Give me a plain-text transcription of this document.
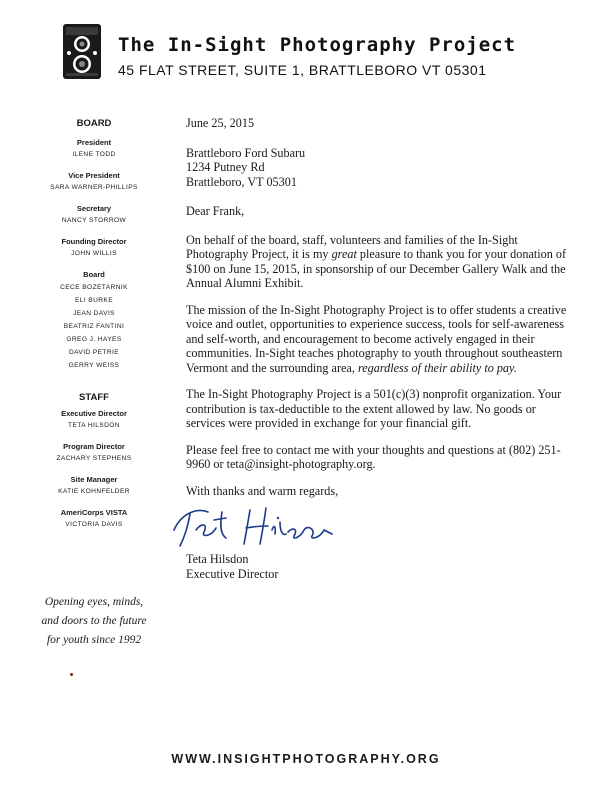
The In-Sight Photography Project
45 FLAT STREET, SUITE 1, BRATTLEBORO VT 05301
BOARD
President
ILENE TODD
Vice President
SARA WARNER-PHILLIPS
Secretary
NANCY STORROW
Founding Director
JOHN WILLIS
Board
CECE BOZETARNIK
ELI BURKE
JEAN DAVIS
BEATRIZ FANTINI
GREG J. HAYES
DAVID PETRIE
GERRY WEISS
STAFF
Executive Director
TETA HILSDON
Program Director
ZACHARY STEPHENS
Site Manager
KATIE KOHNFELDER
AmeriCorps VISTA
VICTORIA DAVIS
Opening eyes, minds,
and doors to the future
for youth since 1992

June 25, 2015

Brattleboro Ford Subaru

1234 Putney Rd

Brattleboro, VT 05301

Dear Frank,

On behalf of the board, staff, volunteers and families of the In-Sight Photography Project, it is my great pleasure to thank you for your donation of $100 on June 15, 2015, in sponsorship of our December Gallery Walk and the Annual Alumni Exhibit.

The mission of the In-Sight Photography Project is to offer students a creative voice and outlet, opportunities to experience success, tools for self-awareness and self-worth, and encouragement to become actively engaged in their communities. In-Sight teaches photography to youth throughout southeastern Vermont and the surrounding area, regardless of their ability to pay.

The In-Sight Photography Project is a 501(c)(3) nonprofit organization. Your contribution is tax-deductible to the extent allowed by law. No goods or services were provided in exchange for your financial gift.

Please feel free to contact me with your thoughts and questions at (802) 251-9960 or teta@insight-photography.org.

With thanks and warm regards,

Teta Hilsdon
Executive Director
WWW.INSIGHTPHOTOGRAPHY.ORG
